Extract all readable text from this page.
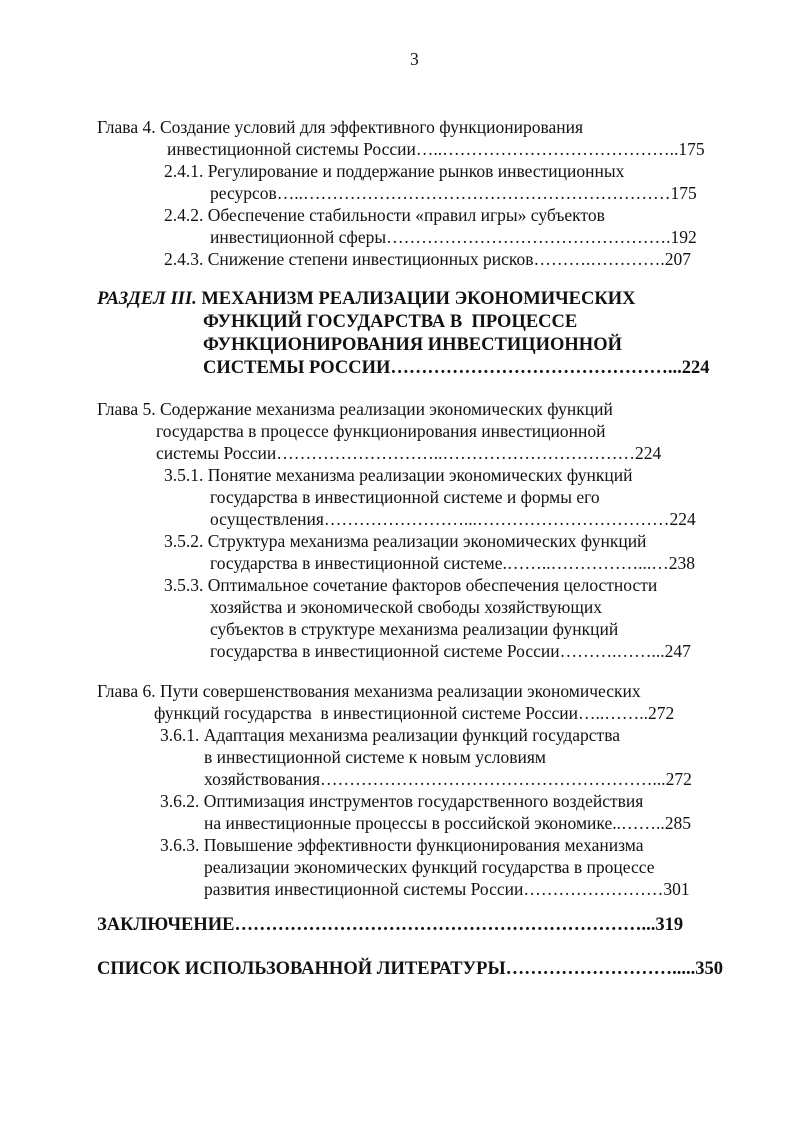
3
Глава 4. Создание условий для эффективного функционирования
инвестиционной системы России…..…………………………………..175
2.4.1. Регулирование и поддержание рынков инвестиционных
ресурсов…..………………………………………………………175
2.4.2. Обеспечение стабильности «правил игры» субъектов
инвестиционной сферы………………………………………….192
2.4.3. Снижение степени инвестиционных рисков……….………….207
РАЗДЕЛ III. МЕХАНИЗМ РЕАЛИЗАЦИИ ЭКОНОМИЧЕСКИХ
ФУНКЦИЙ ГОСУДАРСТВА В  ПРОЦЕССЕ
ФУНКЦИОНИРОВАНИЯ ИНВЕСТИЦИОННОЙ
СИСТЕМЫ РОССИИ………………………………………...224
Глава 5. Содержание механизма реализации экономических функций
государства в процессе функционирования инвестиционной
системы России………………………..……………………………224
3.5.1. Понятие механизма реализации экономических функций
государства в инвестиционной системе и формы его
осуществления……………………...……………………………224
3.5.2. Структура механизма реализации экономических функций
государства в инвестиционной системе.……..……………...…238
3.5.3. Оптимальное сочетание факторов обеспечения целостности
хозяйства и экономической свободы хозяйствующих
субъектов в структуре механизма реализации функций
государства в инвестиционной системе России……….……...247
Глава 6. Пути совершенствования механизма реализации экономических
функций государства  в инвестиционной системе России…..……..272
3.6.1. Адаптация механизма реализации функций государства
в инвестиционной системе к новым условиям
хозяйствования…………………………………………………...272
3.6.2. Оптимизация инструментов государственного воздействия
на инвестиционные процессы в российской экономике..……..285
3.6.3. Повышение эффективности функционирования механизма
реализации экономических функций государства в процессе
развития инвестиционной системы России……………………301
ЗАКЛЮЧЕНИЕ…………………………………………………………...319
СПИСОК ИСПОЛЬЗОВАННОЙ ЛИТЕРАТУРЫ……………………….....350
